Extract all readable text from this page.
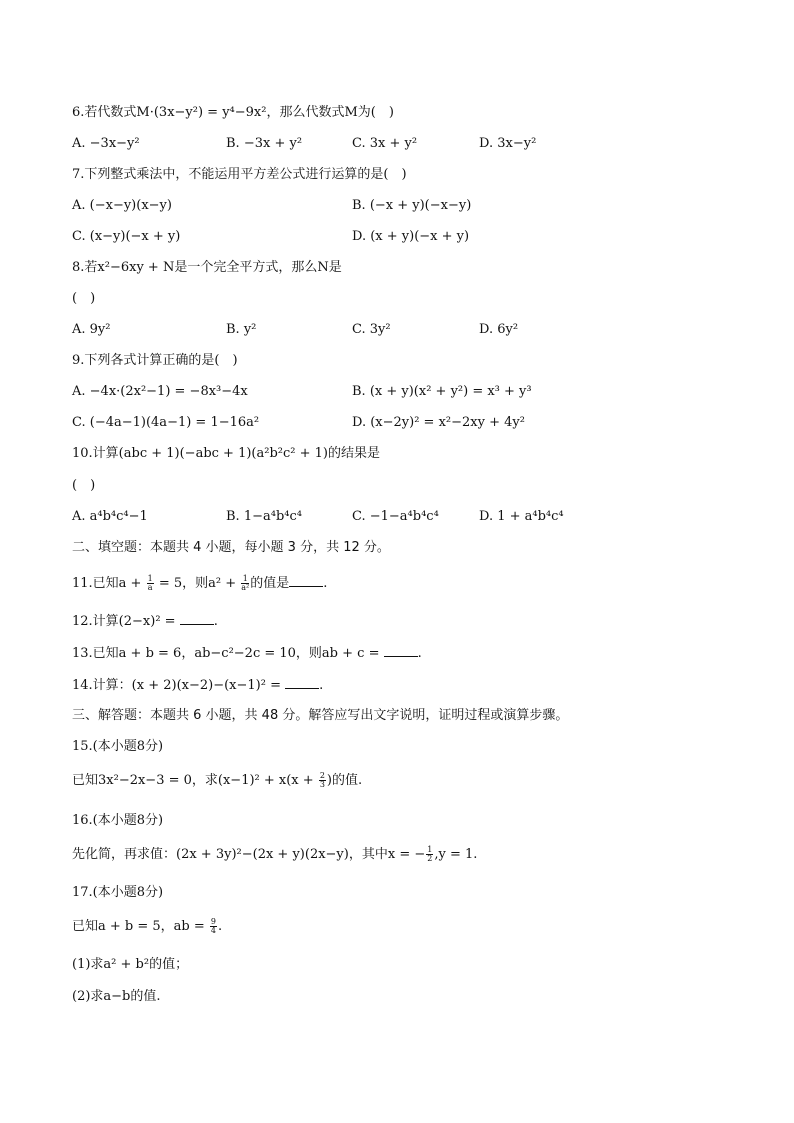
6.若代数式M·(3x−y²) = y⁴−9x²，那么代数式M为(　)
A. −3x−y²	B. −3x + y²	C. 3x + y²	D. 3x−y²
7.下列整式乘法中，不能运用平方差公式进行运算的是(　)
A. (−x−y)(x−y)	B. (−x + y)(−x−y)
C. (x−y)(−x + y)	D. (x + y)(−x + y)
8.若x²−6xy + N是一个完全平方式，那么N是
(　)
A. 9y²	B. y²	C. 3y²	D. 6y²
9.下列各式计算正确的是(　)
A. −4x·(2x²−1) = −8x³−4x	B. (x + y)(x² + y²) = x³ + y³
C. (−4a−1)(4a−1) = 1−16a²	D. (x−2y)² = x²−2xy + 4y²
10.计算(abc + 1)(−abc + 1)(a²b²c² + 1)的结果是
(　)
A. a⁴b⁴c⁴−1	B. 1−a⁴b⁴c⁴	C. −1−a⁴b⁴c⁴	D. 1 + a⁴b⁴c⁴
二、填空题：本题共 4 小题，每小题 3 分，共 12 分。
11.已知$a + \frac{1}{a} = 5$，则$a^2 + \frac{1}{\text{a²}}$ 的值是	.
12.计算(2−x)² =	.
13.已知a + b = 6，ab−c²−2c = 10，则ab + c =	.
14.计算：(x + 2)(x−2)−(x−1)² =	.
三、解答题：本题共 6 小题，共 48 分。解答应写出文字说明，证明过程或演算步骤。
15.(本小题8分)
已知3x²−2x−3 = 0，求$(x-1)^2 + x(x + \frac{2}{3}$ )的值.
16.(本小题8分)
先化简，再求值：(2x + 3y)²−(2x + y)(2x−y)，其中x = − $\frac{1}{2} ,y = 1$.
17.(本小题8分)
已知a + b = 5，ab = $\frac{9}{4}$ .
(1)求a² + b²的值；
(2)求a−b的值.
